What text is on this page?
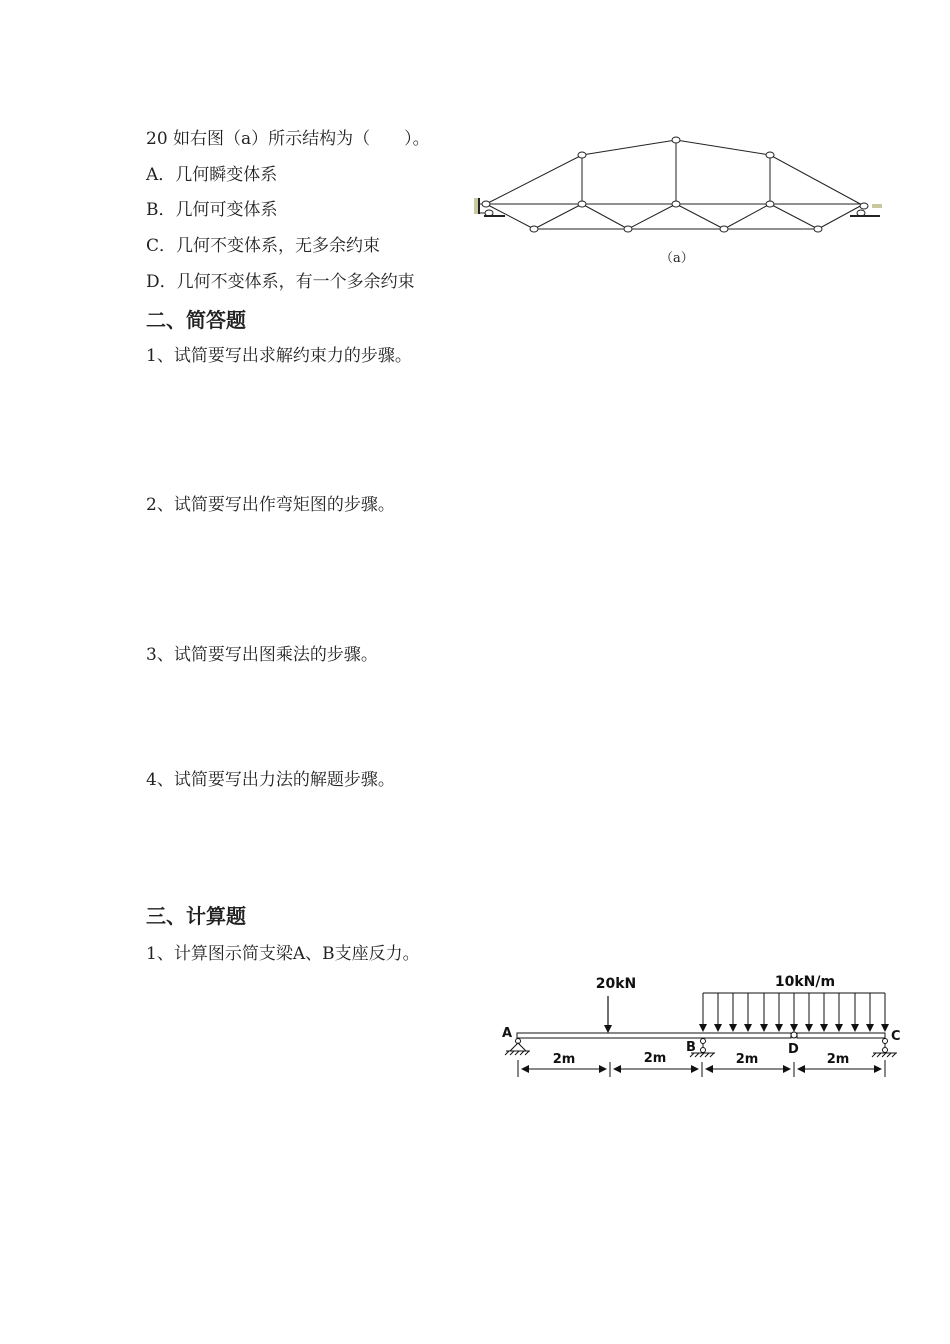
20 如右图（a）所示结构为（　　）。
A．几何瞬变体系
B．几何可变体系
C．几何不变体系，无多余约束
D．几何不变体系，有一个多余约束
（a）
二、简答题
1、试简要写出求解约束力的步骤。
2、试简要写出作弯矩图的步骤。
3、试简要写出图乘法的步骤。
4、试简要写出力法的解题步骤。
三、计算题
1、计算图示简支梁A、B支座反力。
20kN	10kN/m
A
B
C
D
2m	2m	2m	2m
